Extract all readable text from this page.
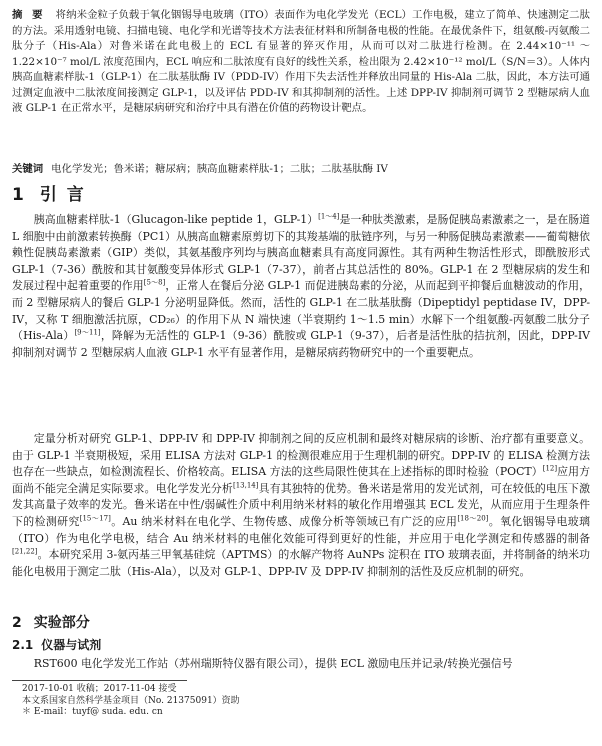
摘 要 将纳米金粒子负载于氧化铟锡导电玻璃（ITO）表面作为电化学发光（ECL）工作电极，建立了简单、快速测定二肽的方法。采用透射电镜、扫描电镜、电化学和光谱等技术方法表征材料和所制备电极的性能。在最优条件下，组氨酸-丙氨酸二肽分子（His-Ala）对鲁米诺在此电极上的 ECL 有显著的猝灭作用，从而可以对二肽进行检测。在 2.44×10⁻¹¹ ～ 1.22×10⁻⁷ mol/L 浓度范围内，ECL 响应和二肽浓度有良好的线性关系，检出限为 2.42×10⁻¹² mol/L（S/N＝3）。人体内胰高血糖素样肽-1（GLP-1）在二肽基肽酶 IV（PDD-IV）作用下失去活性并释放出同量的 His-Ala 二肽，因此，本方法可通过测定血液中二肽浓度间接测定 GLP-1，以及评估 PDD-IV 和其抑制剂的活性。上述 DPP-IV 抑制剂可调节 2 型糖尿病人血液 GLP-1 在正常水平，是糖尿病研究和治疗中具有潜在价值的药物设计靶点。
关键词 电化学发光；鲁米诺；糖尿病；胰高血糖素样肽-1；二肽；二肽基肽酶 IV
1 引 言
胰高血糖素样肽-1（Glucagon-like peptide 1，GLP-1）[1～4]是一种肽类激素，是肠促胰岛素激素之一，是在肠道 L 细胞中由前激素转换酶（PC1）从胰高血糖素原剪切下的其羧基端的肽链序列，与另一种肠促胰岛素激素——葡萄糖依赖性促胰岛素激素（GIP）类似，其氨基酸序列均与胰高血糖素具有高度同源性。其有两种生物活性形式，即酰胺形式 GLP-1（7-36）酰胺和其甘氨酸变异体形式 GLP-1（7-37），前者占其总活性的 80%。GLP-1 在 2 型糖尿病的发生和发展过程中起着重要的作用[5～8]，正常人在餐后分泌 GLP-1 而促进胰岛素的分泌，从而起到平抑餐后血糖波动的作用，而 2 型糖尿病人的餐后 GLP-1 分泌明显降低。然而，活性的 GLP-1 在二肽基肽酶（Dipeptidyl peptidase IV，DPP-IV，又称 T 细胞激活抗原，CD₂₆）的作用下从 N 端快速（半衰期约 1～1.5 min）水解下一个组氨酸-丙氨酸二肽分子（His-Ala）[9～11]，降解为无活性的 GLP-1（9-36）酰胺或 GLP-1（9-37），后者是活性肽的拮抗剂，因此，DPP-IV 抑制剂对调节 2 型糖尿病人血液 GLP-1 水平有显著作用，是糖尿病药物研究中的一个重要靶点。
定量分析对研究 GLP-1、DPP-IV 和 DPP-IV 抑制剂之间的反应机制和最终对糖尿病的诊断、治疗都有重要意义。由于 GLP-1 半衰期极短，采用 ELISA 方法对 GLP-1 的检测很难应用于生理机制的研究。DPP-IV 的 ELISA 检测方法也存在一些缺点，如检测流程长、价格较高。ELISA 方法的这些局限性使其在上述指标的即时检验（POCT）[12]应用方面尚不能完全满足实际要求。电化学发光分析[13,14]具有其独特的优势。鲁米诺是常用的发光试剂，可在较低的电压下激发其高量子效率的发光。鲁米诺在中性/弱碱性介质中利用纳米材料的敏化作用增强其 ECL 发光，从而应用于生理条件下的检测研究[15～17]。Au 纳米材料在电化学、生物传感、成像分析等领域已有广泛的应用[18～20]。氧化铟锡导电玻璃（ITO）作为电化学电极，结合 Au 纳米材料的电催化效能可得到更好的性能，并应用于电化学测定和传感器的制备[21,22]。本研究采用 3-氨丙基三甲氧基硅烷（APTMS）的水解产物将 AuNPs 淀积在 ITO 玻璃表面，并将制备的纳米功能化电极用于测定二肽（His-Ala），以及对 GLP-1、DPP-IV 及 DPP-IV 抑制剂的活性及反应机制的研究。
2 实验部分
2.1 仪器与试剂
RST600 电化学发光工作站（苏州瑞斯特仪器有限公司），提供 ECL 激励电压并记录/转换光强信号
2017-10-01 收稿；2017-11-04 接受
本文系国家自然科学基金项目（No. 21375091）资助
＊ E-mail：tuyf@ suda. edu. cn
